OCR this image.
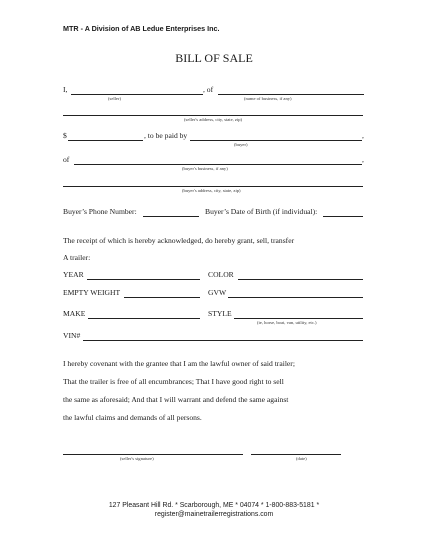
MTR - A Division of AB Ledue Enterprises Inc.
BILL OF SALE
I,	, of
(seller)	(name of business, if any)
(seller's address, city, state, zip)
$	, to be paid by	,
(buyer)
of	,
(buyer's business, if any)
(buyer's address, city, state, zip)
Buyer’s Phone Number:	Buyer’s Date of Birth (if individual):
The receipt of which is hereby acknowledged, do hereby grant, sell, transfer
A trailer:
YEAR	COLOR
EMPTY WEIGHT	GVW
MAKE	STYLE
(ie, horse, boat, van, utility, etc.)
VIN#
I hereby covenant with the grantee that I am the lawful owner of said trailer;
That the trailer is free of all encumbrances; That I have good right to sell
the same as aforesaid; And that I will warrant and defend the same against
the lawful claims and demands of all persons.
(seller's signature)	(date)
127 Pleasant Hill Rd. * Scarborough, ME * 04074 * 1-800-883-5181 *
register@mainetrailerregistrations.com
